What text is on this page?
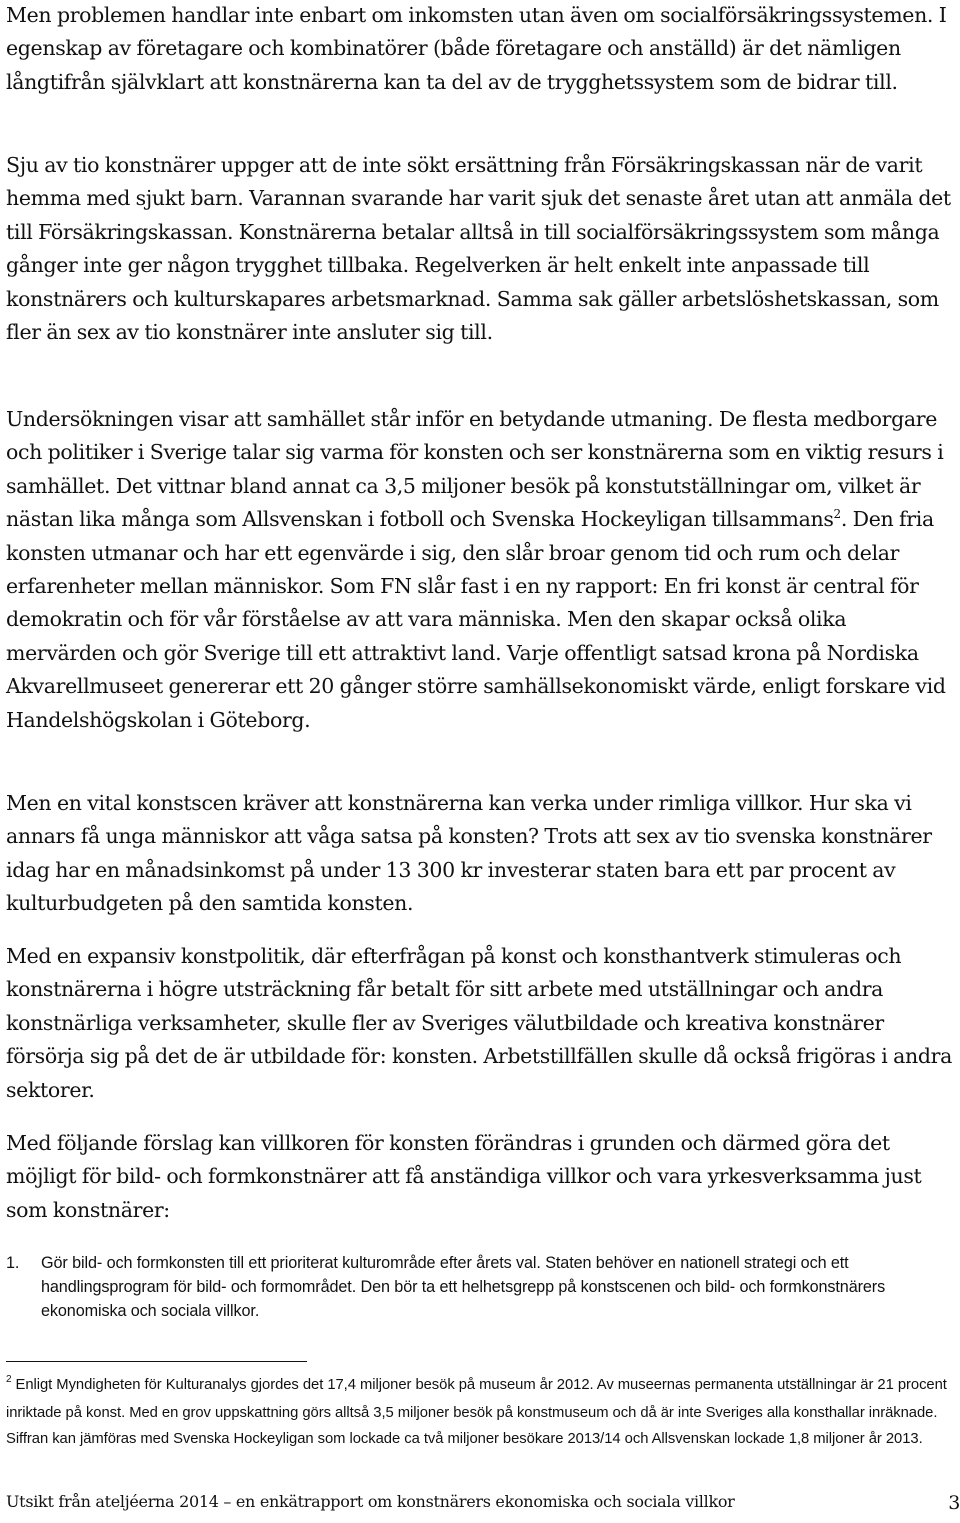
Men problemen handlar inte enbart om inkomsten utan även om socialförsäkringssystemen. I egenskap av företagare och kombinatörer (både företagare och anställd) är det nämligen långtifrån självklart att konstnärerna kan ta del av de trygghetssystem som de bidrar till.

Sju av tio konstnärer uppger att de inte sökt ersättning från Försäkringskassan när de varit hemma med sjukt barn. Varannan svarande har varit sjuk det senaste året utan att anmäla det till Försäkringskassan. Konstnärerna betalar alltså in till socialförsäkringssystem som många gånger inte ger någon trygghet tillbaka. Regelverken är helt enkelt inte anpassade till konstnärers och kulturskapares arbetsmarknad. Samma sak gäller arbetslöshetskassan, som fler än sex av tio konstnärer inte ansluter sig till.

Undersökningen visar att samhället står inför en betydande utmaning. De flesta medborgare och politiker i Sverige talar sig varma för konsten och ser konstnärerna som en viktig resurs i samhället. Det vittnar bland annat ca 3,5 miljoner besök på konstutställningar om, vilket är nästan lika många som Allsvenskan i fotboll och Svenska Hockeyligan tillsammans$^2$. Den fria konsten utmanar och har ett egenvärde i sig, den slår broar genom tid och rum och delar erfarenheter mellan människor. Som FN slår fast i en ny rapport: En fri konst är central för demokratin och för vår förståelse av att vara människa. Men den skapar också olika mervärden och gör Sverige till ett attraktivt land. Varje offentligt satsad krona på Nordiska Akvarellmuseet genererar ett 20 gånger större samhällsekonomiskt värde, enligt forskare vid Handelshögskolan i Göteborg.

Men en vital konstscen kräver att konstnärerna kan verka under rimliga villkor. Hur ska vi annars få unga människor att våga satsa på konsten? Trots att sex av tio svenska konstnärer idag har en månadsinkomst på under 13 300 kr investerar staten bara ett par procent av kulturbudgeten på den samtida konsten.

Med en expansiv konstpolitik, där efterfrågan på konst och konsthantverk stimuleras och konstnärerna i högre utsträckning får betalt för sitt arbete med utställningar och andra konstnärliga verksamheter, skulle fler av Sveriges välutbildade och kreativa konstnärer försörja sig på det de är utbildade för: konsten. Arbetstillfällen skulle då också frigöras i andra sektorer.

Med följande förslag kan villkoren för konsten förändras i grunden och därmed göra det möjligt för bild- och formkonstnärer att få anständiga villkor och vara yrkesverksamma just som konstnärer:

1. Gör bild- och formkonsten till ett prioriterat kulturområde efter årets val. Staten behöver en nationell strategi och ett handlingsprogram för bild- och formområdet. Den bör ta ett helhetsgrepp på konstscenen och bild- och formkonstnärers ekonomiska och sociala villkor.
$^2$ Enligt Myndigheten för Kulturanalys gjordes det 17,4 miljoner besök på museum år 2012. Av museernas permanenta utställningar är 21 procent inriktade på konst. Med en grov uppskattning görs alltså 3,5 miljoner besök på konstmuseum och då är inte Sveriges alla konsthallar inräknade. Siffran kan jämföras med Svenska Hockeyligan som lockade ca två miljoner besökare 2013/14 och Allsvenskan lockade 1,8 miljoner år 2013.
Utsikt från ateljéerna 2014 – en enkätrapport om konstnärers ekonomiska och sociala villkor	3
